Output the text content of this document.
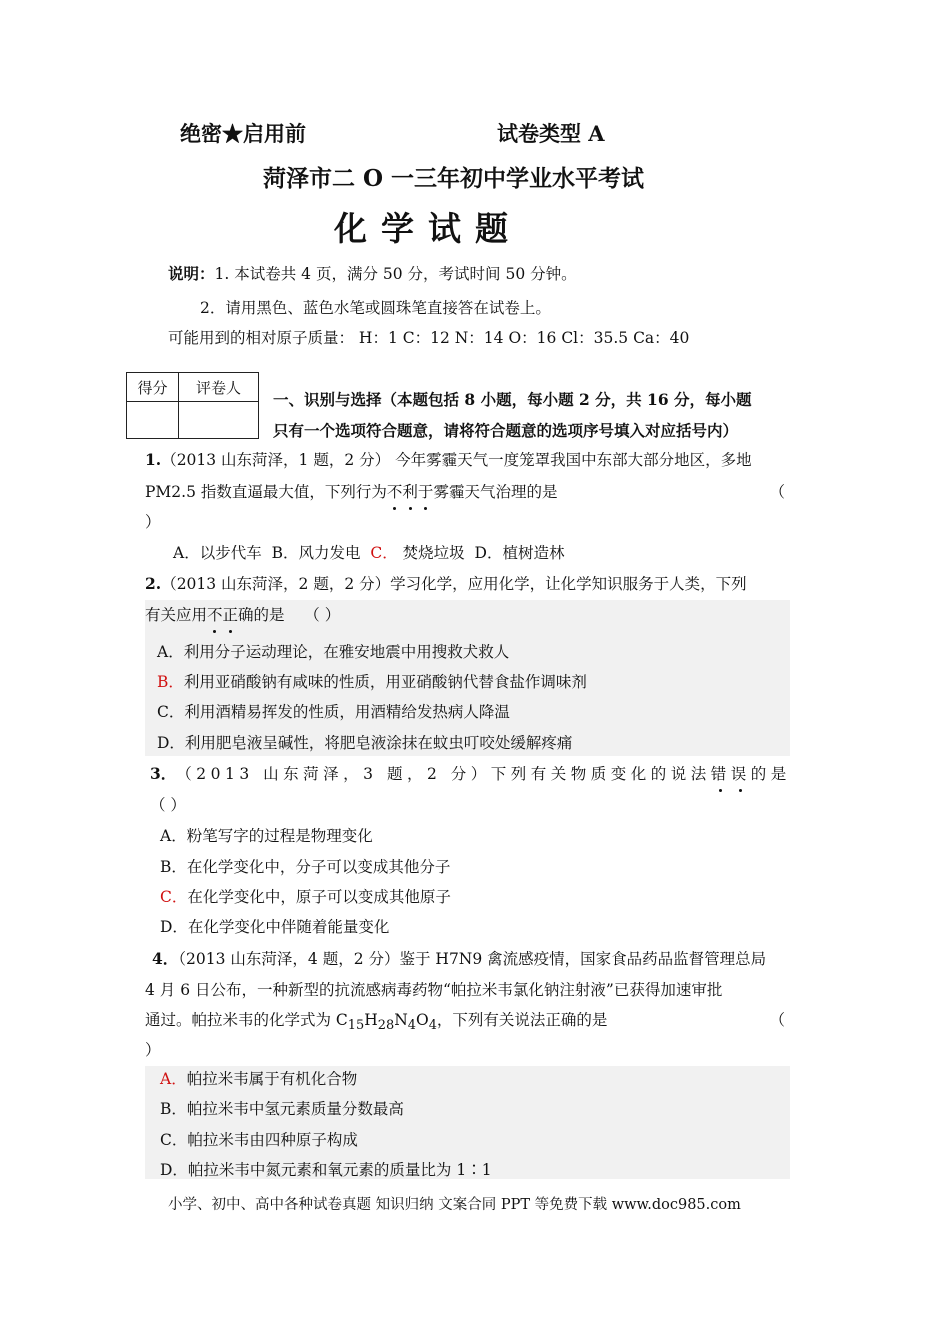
绝密★启用前	试卷类型 A
菏泽市二 O 一三年初中学业水平考试
化学试题
说明：1. 本试卷共 4 页，满分 50 分，考试时间 50 分钟。
2．请用黑色、蓝色水笔或圆珠笔直接答在试卷上。
可能用到的相对原子质量： H：1 C：12 N：14 O：16 Cl：35.5 Ca：40
得分	评卷人

一、识别与选择（本题包括 8 小题，每小题 2 分，共 16 分，每小题
只有一个选项符合题意，请将符合题意的选项序号填入对应括号内）
1.（2013 山东菏泽，1 题，2 分） 今年雾霾天气一度笼罩我国中东部大部分地区，多地
PM2.5 指数直逼最大值，下列行为不利于雾霾天气治理的是	（
）
A．以步代车 B．风力发电 C． 焚烧垃圾 D．植树造林
2.（2013 山东菏泽，2 题，2 分）学习化学，应用化学，让化学知识服务于人类，下列
有关应用不正确的是 （ ）
A．利用分子运动理论，在雅安地震中用搜救犬救人
B．利用亚硝酸钠有咸味的性质，用亚硝酸钠代替食盐作调味剂
C．利用酒精易挥发的性质，用酒精给发热病人降温
D．利用肥皂液呈碱性，将肥皂液涂抹在蚊虫叮咬处缓解疼痛
3． （2013 山东菏泽，3 题，2 分）下列有关物质变化的说法错误的是
（ ）
A．粉笔写字的过程是物理变化
B．在化学变化中，分子可以变成其他分子
C．在化学变化中，原子可以变成其他原子
D．在化学变化中伴随着能量变化
4．（2013 山东菏泽，4 题，2 分）鉴于 H7N9 禽流感疫情，国家食品药品监督管理总局
4 月 6 日公布，一种新型的抗流感病毒药物“帕拉米韦氯化钠注射液”已获得加速审批
通过。帕拉米韦的化学式为 $C_{15}H_{28}N_4O_4$，下列有关说法正确的是	（
）
A．帕拉米韦属于有机化合物
B．帕拉米韦中氢元素质量分数最高
C．帕拉米韦由四种原子构成
D．帕拉米韦中氮元素和氧元素的质量比为 1∶1
小学、初中、高中各种试卷真题 知识归纳 文案合同 PPT 等免费下载 www.doc985.com
